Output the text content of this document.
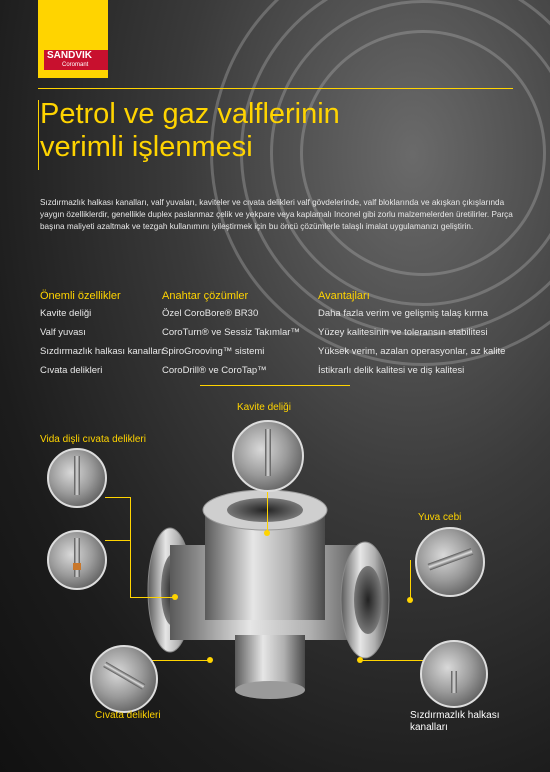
SANDVIK
Coromant
Petrol ve gaz valflerinin
verimli işlenmesi
Sızdırmazlık halkası kanalları, valf yuvaları, kaviteler ve cıvata delikleri valf gövdelerinde, valf bloklarında ve akışkan çıkışlarında yaygın özelliklerdir, genellikle duplex paslanmaz çelik ve yekpare veya kaplamalı Inconel gibi zorlu malzemelerden üretilirler. Parça başına maliyeti azaltmak ve tezgah kullanımını iyileştirmek için bu öncü çözümlerle talaşlı imalat uygulamanızı geliştirin.
Önemli özellikler
Kavite deliği
Valf yuvası
Sızdırmazlık halkası kanalları
Cıvata delikleri
Anahtar çözümler
Özel CoroBore® BR30
CoroTurn® ve Sessiz Takımlar™
SpiroGrooving™ sistemi
CoroDrill® ve CoroTap™
Avantajları
Daha fazla verim ve gelişmiş talaş kırma
Yüzey kalitesinin ve toleransın stabilitesi
Yüksek verim, azalan operasyonlar, az kalite
İstikrarlı delik kalitesi ve diş kalitesi
Kavite deliği
Vida dişli cıvata delikleri
Yuva cebi
Cıvata delikleri	Sızdırmazlık halkası
kanalları
